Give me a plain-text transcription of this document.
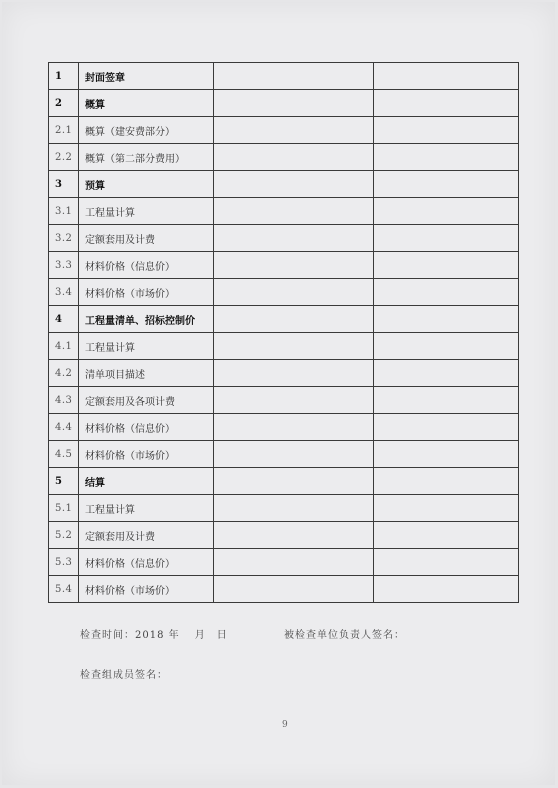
1	封面签章		
2	概算		
2.1	概算（建安费部分）		
2.2	概算（第二部分费用）		
3	预算		
3.1	工程量计算		
3.2	定额套用及计费		
3.3	材料价格（信息价）		
3.4	材料价格（市场价）		
4	工程量清单、招标控制价		
4.1	工程量计算		
4.2	清单项目描述		
4.3	定额套用及各项计费		
4.4	材料价格（信息价）		
4.5	材料价格（市场价）		
5	结算		
5.1	工程量计算		
5.2	定额套用及计费		
5.3	材料价格（信息价）		
5.4	材料价格（市场价）		
检查时间：2018 年　 月　日	被检查单位负责人签名：
检查组成员签名：
9
